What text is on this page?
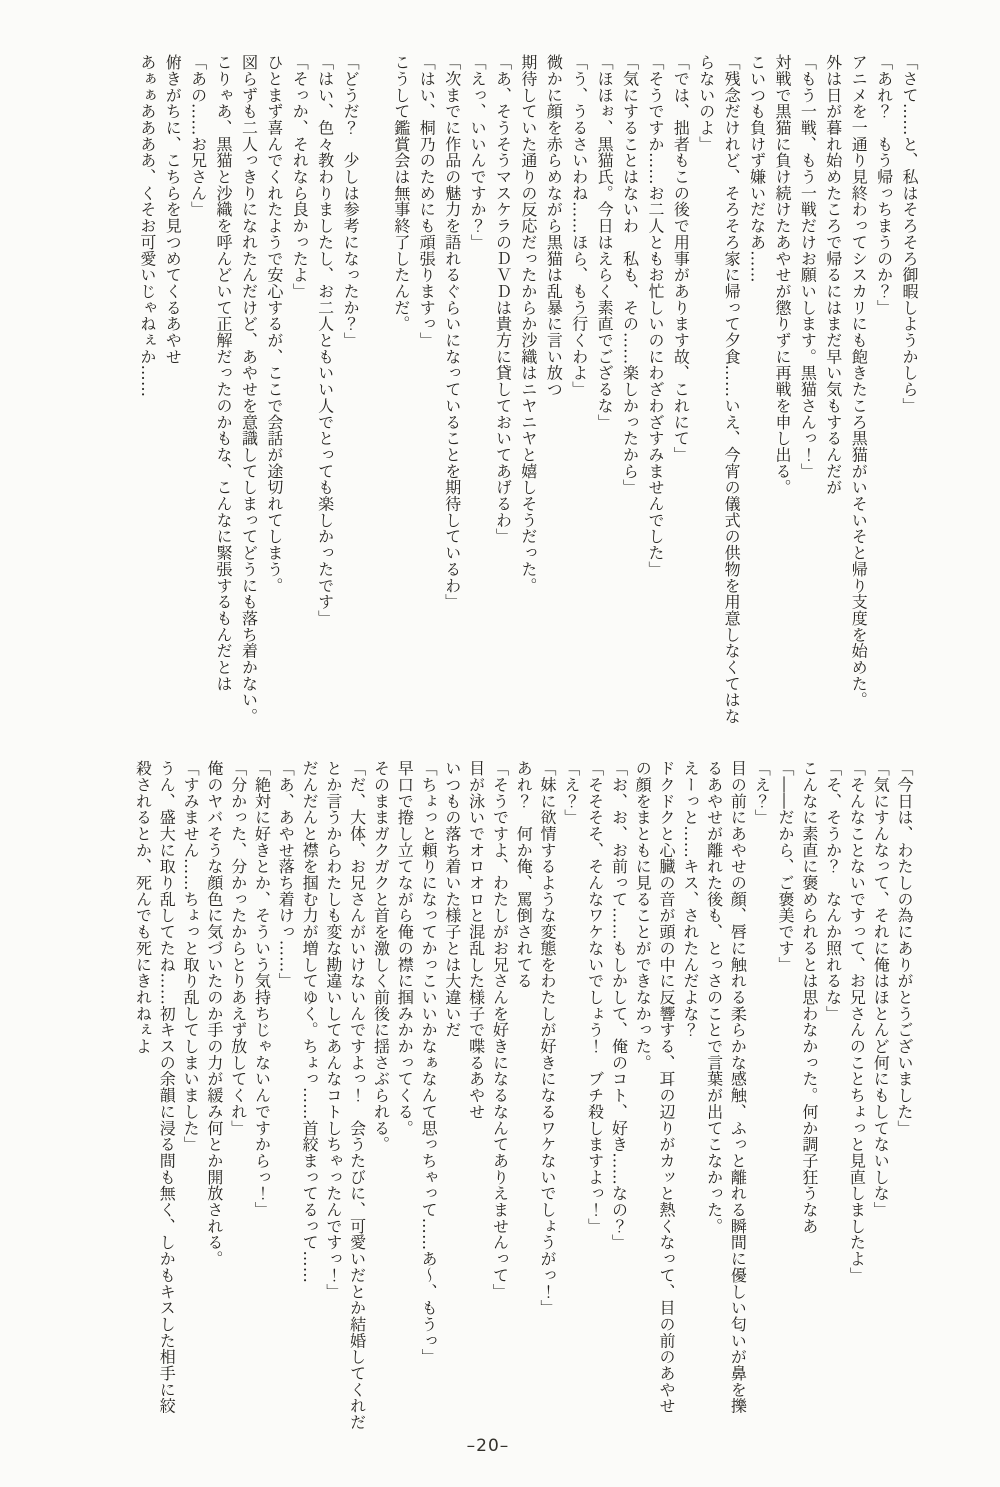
「さて……と、私はそろそろ御暇しようかしら」
「あれ？　もう帰っちまうのか？」
アニメを一通り見終わってシスカリにも飽きたころ黒猫がいそいそと帰り支度を始めた。
外は日が暮れ始めたころで帰るにはまだ早い気もするんだが
「もう一戦、もう一戦だけお願いします。黒猫さんっ！」
対戦で黒猫に負け続けたあやせが懲りずに再戦を申し出る。
こいつも負けず嫌いだなあ……
「残念だけれど、そろそろ家に帰って夕食……いえ、今宵の儀式の供物を用意しなくてはな
らないのよ」
「では、拙者もこの後で用事があります故、これにて」
「そうですか……お二人ともお忙しいのにわざわざすみませんでした」
「気にすることはないわ　私も、その……楽しかったから」
「ほほぉ、黒猫氏。今日はえらく素直でござるな」
「う、うるさいわね……ほら、もう行くわよ」
微かに顔を赤らめながら黒猫は乱暴に言い放つ
期待していた通りの反応だったからか沙織はニヤニヤと嬉しそうだった。
「あ、そうそうマスケラのＤＶＤは貴方に貸しておいてあげるわ」
「えっ、いいんですか？」
「次までに作品の魅力を語れるぐらいになっていることを期待しているわ」
「はい、桐乃のためにも頑張りますっ」
こうして鑑賞会は無事終了したんだ。
「どうだ？　少しは参考になったか？」
「はい、色々教わりましたし、お二人ともいい人でとっても楽しかったです」
「そっか、それなら良かったよ」
ひとまず喜んでくれたようで安心するが、ここで会話が途切れてしまう。
図らずも二人っきりになれたんだけど、あやせを意識してしまってどうにも落ち着かない。
こりゃあ、黒猫と沙織を呼んどいて正解だったのかもな、こんなに緊張するもんだとは
「あの……お兄さん」
俯きがちに、こちらを見つめてくるあやせ
あぁぁああああ、くそお可愛いじゃねぇか……
「今日は、わたしの為にありがとうございました」
「気にすんなって、それに俺はほとんど何にもしてないしな」
「そんなことないですって、お兄さんのことちょっと見直しましたよ」
「そ、そうか？　なんか照れるな」
こんなに素直に褒められるとは思わなかった。何か調子狂うなあ
「――だから、ご褒美です」
「え？」
目の前にあやせの顔、唇に触れる柔らかな感触、ふっと離れる瞬間に優しい匂いが鼻を擽
るあやせが離れた後も、とっさのことで言葉が出てこなかった。
えーっと……キス、されたんだよな？
ドクドクと心臓の音が頭の中に反響する、耳の辺りがカッと熱くなって、目の前のあやせ
の顔をまともに見ることができなかった。
「お、お、お前って……もしかして、俺のコト、好き……なの？」
「そそそそ、そんなワケないでしょう！　ブチ殺しますよっ！」
「え？」
「妹に欲情するような変態をわたしが好きになるワケないでしょうがっ！」
あれ？　何か俺、罵倒されてる
「そうですよ、わたしがお兄さんを好きになるなんてありえませんって」
目が泳いでオロオロと混乱した様子で喋るあやせ
いつもの落ち着いた様子とは大違いだ
「ちょっと頼りになってかっこいいかなぁなんて思っちゃって……あ〜、もうっ」
早口で捲し立てながら俺の襟に掴みかかってくる。
そのままガクガクと首を激しく前後に揺さぶられる。
「だ、大体、お兄さんがいけないんですよっ！　会うたびに、可愛いだとか結婚してくれだ
とか言うからわたしも変な勘違いしてあんなコトしちゃったんですっ！」
だんだんと襟を掴む力が増してゆく。ちょっ……首絞まってるって……
「あ、あやせ落ち着けっ……」
「絶対に好きとか、そういう気持ちじゃないんですからっ！」
「分かった、分かったからとりあえず放してくれ」
俺のヤバそうな顔色に気づいたのか手の力が緩み何とか開放される。
「すみません……ちょっと取り乱してしまいました」
うん、盛大に取り乱してたね……初キスの余韻に浸る間も無く、しかもキスした相手に絞
殺されるとか、死んでも死にきれねぇよ
–20–
